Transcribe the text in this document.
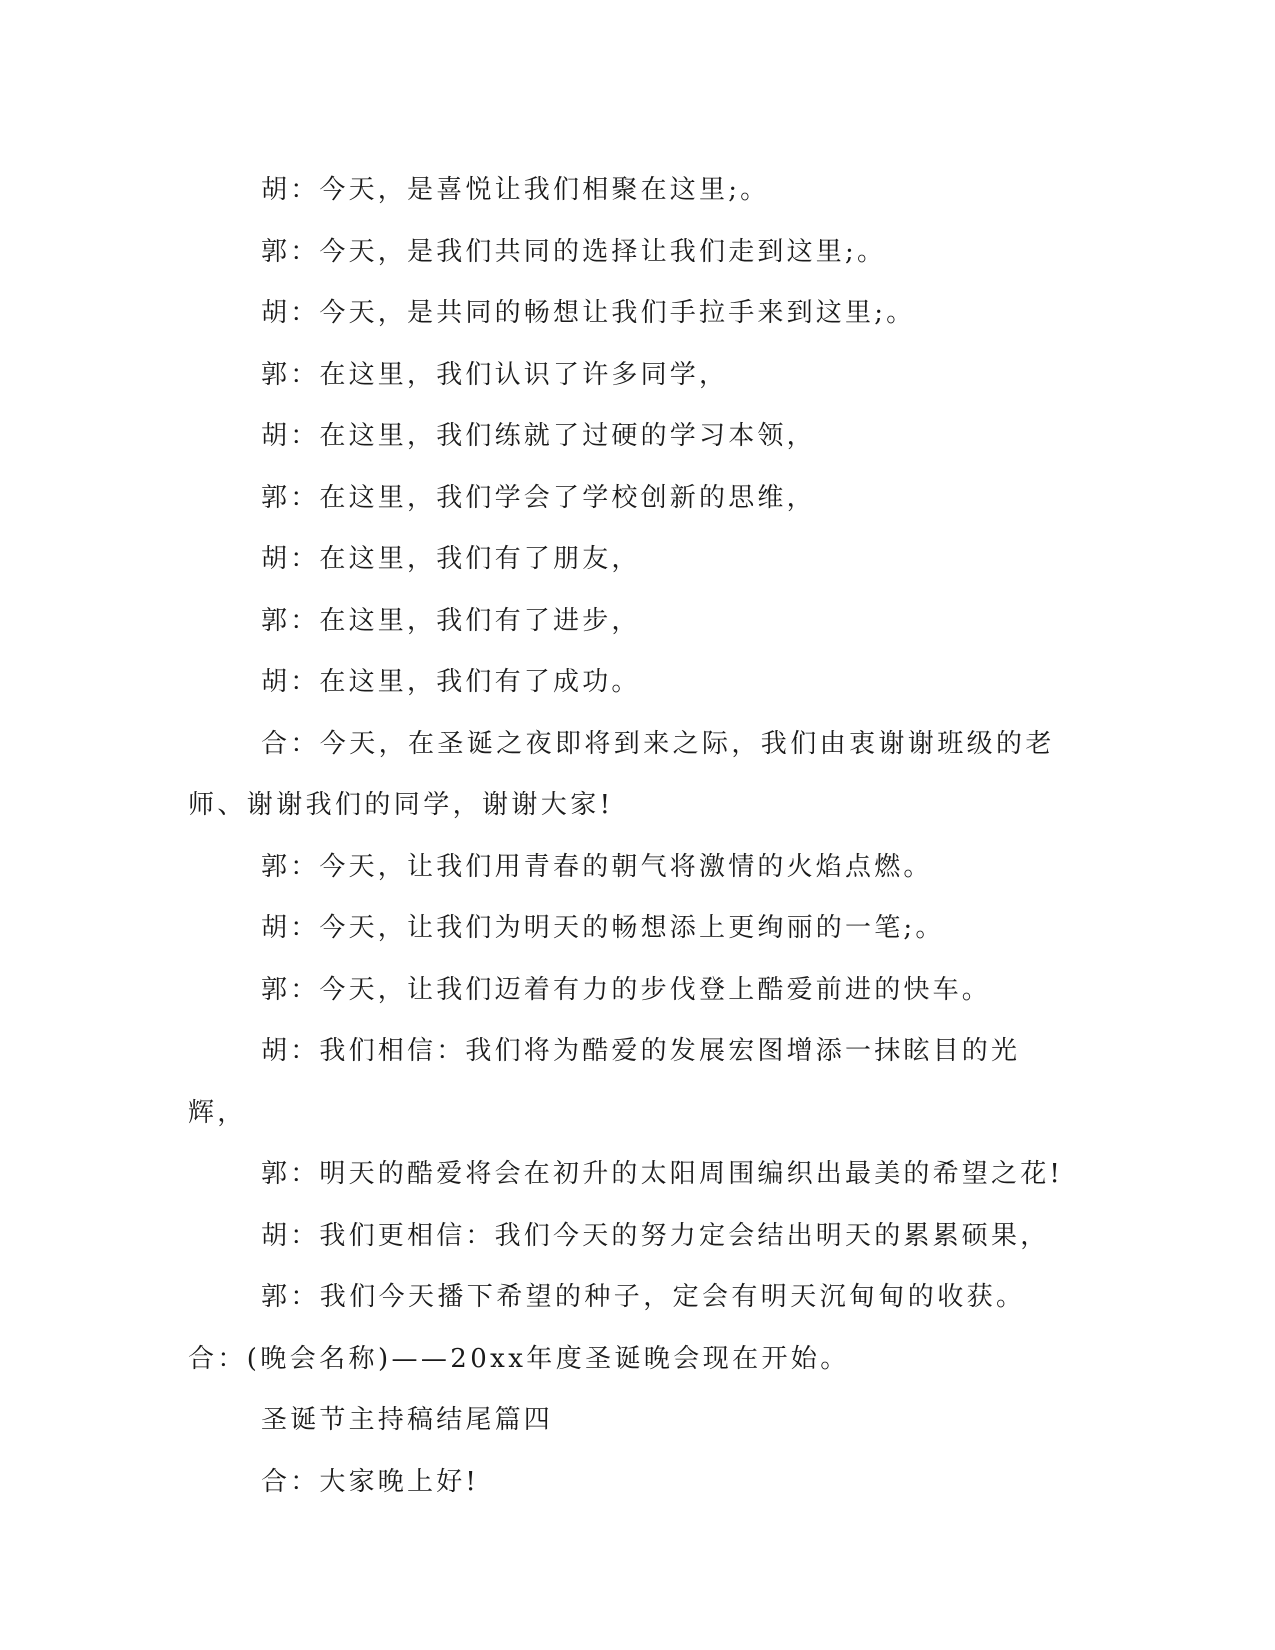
胡：今天，是喜悦让我们相聚在这里;。

郭：今天，是我们共同的选择让我们走到这里;。

胡：今天，是共同的畅想让我们手拉手来到这里;。

郭：在这里，我们认识了许多同学，

胡：在这里，我们练就了过硬的学习本领，

郭：在这里，我们学会了学校创新的思维，

胡：在这里，我们有了朋友，

郭：在这里，我们有了进步，

胡：在这里，我们有了成功。

合：今天，在圣诞之夜即将到来之际，我们由衷谢谢班级的老师、谢谢我们的同学，谢谢大家!

郭：今天，让我们用青春的朝气将激情的火焰点燃。

胡：今天，让我们为明天的畅想添上更绚丽的一笔;。

郭：今天，让我们迈着有力的步伐登上酷爱前进的快车。

胡：我们相信：我们将为酷爱的发展宏图增添一抹眩目的光辉，

郭：明天的酷爱将会在初升的太阳周围编织出最美的希望之花!

胡：我们更相信：我们今天的努力定会结出明天的累累硕果，

郭：我们今天播下希望的种子，定会有明天沉甸甸的收获。合：(晚会名称)——20xx年度圣诞晚会现在开始。

圣诞节主持稿结尾篇四

合：大家晚上好!
